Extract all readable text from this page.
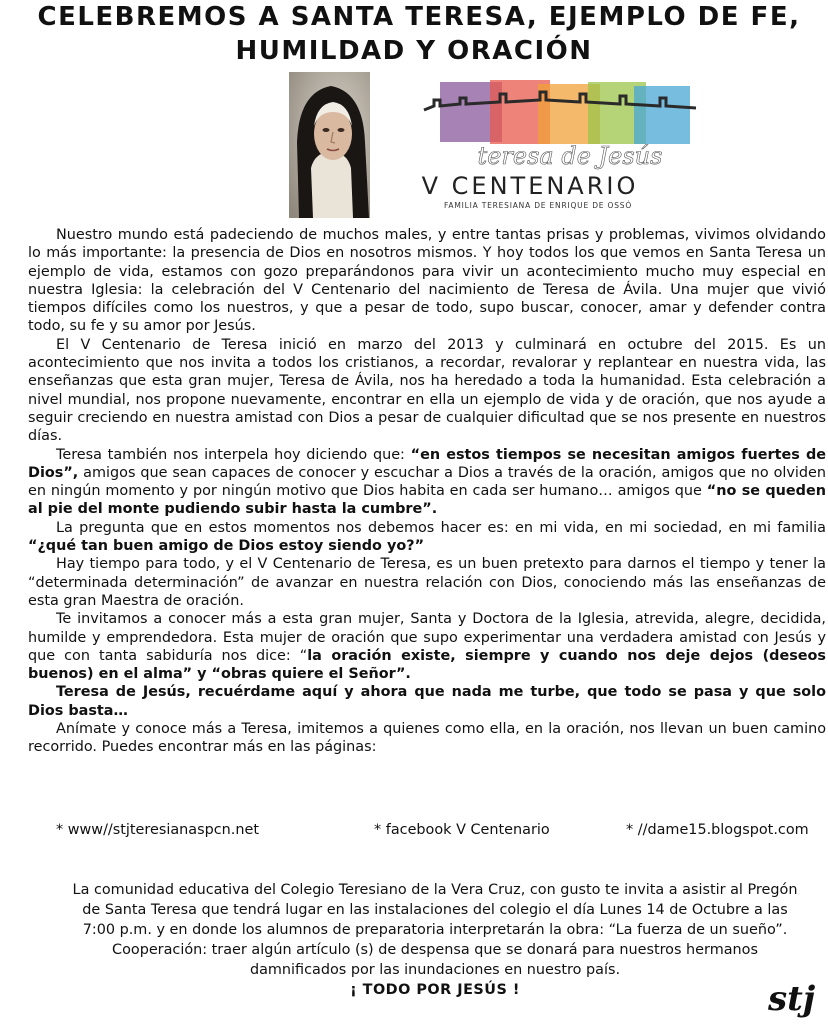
CELEBREMOS A SANTA TERESA, EJEMPLO DE FE,
HUMILDAD Y ORACIÓN
teresa de Jesús
V CENTENARIO
FAMILIA TERESIANA DE ENRIQUE DE OSSÓ

Nuestro mundo está padeciendo de muchos males, y entre tantas prisas y problemas, vivimos olvidando lo más importante: la presencia de Dios en nosotros mismos. Y hoy todos los que vemos en Santa Teresa un ejemplo de vida, estamos con gozo preparándonos para vivir un acontecimiento mucho muy especial en nuestra Iglesia: la celebración del V Centenario del nacimiento de Teresa de Ávila. Una mujer que vivió tiempos difíciles como los nuestros, y que a pesar de todo, supo buscar, conocer, amar y defender contra todo, su fe y su amor por Jesús.

El V Centenario de Teresa inició en marzo del 2013 y culminará en octubre del 2015. Es un acontecimiento que nos invita a todos los cristianos, a recordar, revalorar y replantear en nuestra vida, las enseñanzas que esta gran mujer, Teresa de Ávila, nos ha heredado a toda la humanidad. Esta celebración a nivel mundial, nos propone nuevamente, encontrar en ella un ejemplo de vida y de oración, que nos ayude a seguir creciendo en nuestra amistad con Dios a pesar de cualquier dificultad que se nos presente en nuestros días.

Teresa también nos interpela hoy diciendo que: “en estos tiempos se necesitan amigos fuertes de Dios”, amigos que sean capaces de conocer y escuchar a Dios a través de la oración, amigos que no olviden en ningún momento y por ningún motivo que Dios habita en cada ser humano… amigos que “no se queden al pie del monte pudiendo subir hasta la cumbre”.

La pregunta que en estos momentos nos debemos hacer es: en mi vida, en mi sociedad, en mi familia “¿qué tan buen amigo de Dios estoy siendo yo?”

Hay tiempo para todo, y el V Centenario de Teresa, es un buen pretexto para darnos el tiempo y tener la “determinada determinación” de avanzar en nuestra relación con Dios, conociendo más las enseñanzas de esta gran Maestra de oración.

Te invitamos a conocer más a esta gran mujer, Santa y Doctora de la Iglesia, atrevida, alegre, decidida, humilde y emprendedora. Esta mujer de oración que supo experimentar una verdadera amistad con Jesús y que con tanta sabiduría nos dice: “la oración existe, siempre y cuando nos deje dejos (deseos buenos) en el alma” y “obras quiere el Señor”.

Teresa de Jesús, recuérdame aquí y ahora que nada me turbe, que todo se pasa y que solo Dios basta…

Anímate y conoce más a Teresa, imitemos a quienes como ella, en la oración, nos llevan un buen camino recorrido. Puedes encontrar más en las páginas:

* www//stjteresianaspcn.net	* facebook V Centenario	* //dame15.blogspot.com

La comunidad educativa del Colegio Teresiano de la Vera Cruz, con gusto te invita a asistir al Pregón

de Santa Teresa que tendrá lugar en las instalaciones del colegio el día Lunes 14 de Octubre a las

7:00 p.m. y en donde los alumnos de preparatoria interpretarán la obra: “La fuerza de un sueño”.

Cooperación: traer algún artículo (s) de despensa que se donará para nuestros hermanos

damnificados por las inundaciones en nuestro país.

¡ TODO POR JESÚS !	stj
